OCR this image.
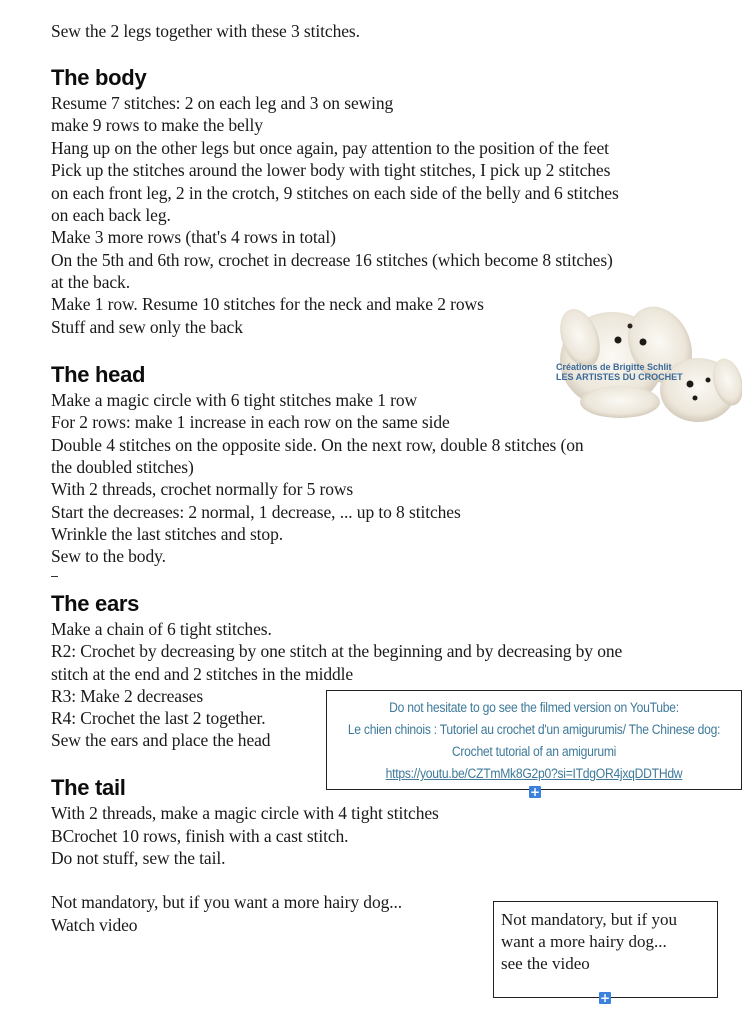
Sew the 2 legs together with these 3 stitches.
The body
Resume 7 stitches: 2 on each leg and 3 on sewing
make 9 rows to make the belly
Hang up on the other legs but once again, pay attention to the position of the feet
Pick up the stitches around the lower body with tight stitches, I pick up 2 stitches
on each front leg, 2 in the crotch, 9 stitches on each side of the belly and 6 stitches
on each back leg.
Make 3 more rows (that's 4 rows in total)
On the 5th and 6th row, crochet in decrease 16 stitches (which become 8 stitches)
at the back.
Make 1 row. Resume 10 stitches for the neck and make 2 rows
Stuff and sew only the back
Créations de Brigitte Schlit
LES ARTISTES DU CROCHET
The head
Make a magic circle with 6 tight stitches make 1 row
For 2 rows: make 1 increase in each row on the same side
Double 4 stitches on the opposite side. On the next row, double 8 stitches (on
the doubled stitches)
With 2 threads, crochet normally for 5 rows
Start the decreases: 2 normal, 1 decrease, ... up to 8 stitches
Wrinkle the last stitches and stop.
Sew to the body.
The ears
Make a chain of 6 tight stitches.
R2: Crochet by decreasing by one stitch at the beginning and by decreasing by one
stitch at the end and 2 stitches in the middle
R3: Make 2 decreases
R4: Crochet the last 2 together.
Sew the ears and place the head
Do not hesitate to go see the filmed version on YouTube:
Le chien chinois : Tutoriel au crochet d'un amigurumis/ The Chinese dog:
Crochet tutorial of an amigurumi
https://youtu.be/CZTmMk8G2p0?si=ITdgOR4jxqDDTHdw
+
The tail
With 2 threads, make a magic circle with 4 tight stitches
BCrochet 10 rows, finish with a cast stitch.
Do not stuff, sew the tail.
Not mandatory, but if you want a more hairy dog...
Watch video	Not mandatory, but if you
want a more hairy dog...
see the video
+
